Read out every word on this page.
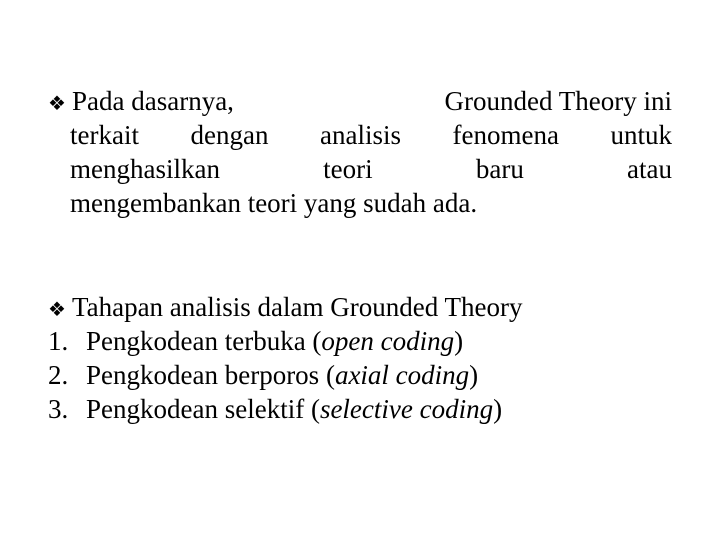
❖ Pada dasarnya,	Grounded Theory ini
terkait dengan analisis fenomena untuk
menghasilkan teori baru atau
mengembankan teori yang sudah ada.
❖ Tahapan analisis dalam Grounded Theory
1. Pengkodean terbuka (open coding)
2. Pengkodean berporos (axial coding)
3. Pengkodean selektif (selective coding)
